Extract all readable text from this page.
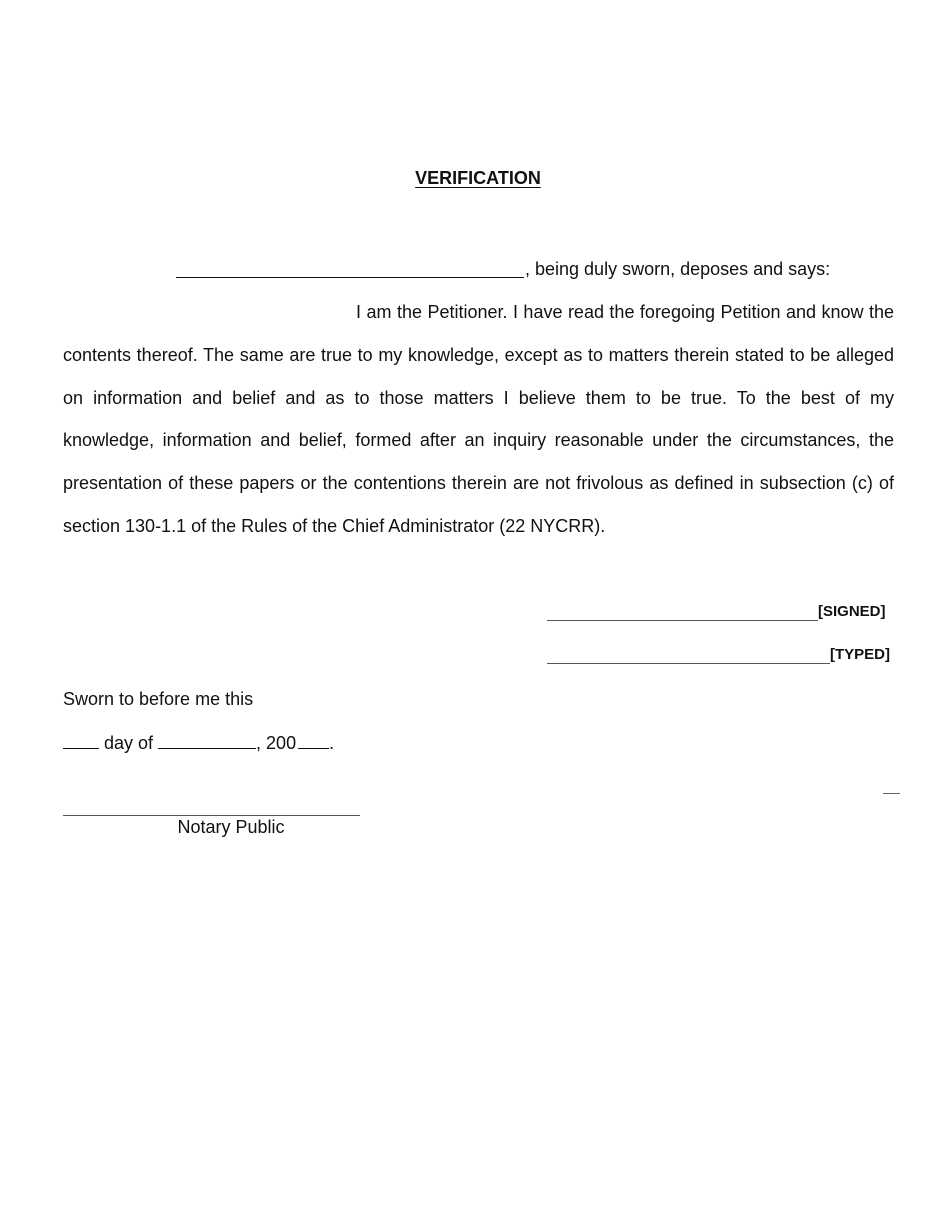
VERIFICATION
, being duly sworn, deposes and says:

I am the Petitioner. I have read the foregoing Petition and know the contents thereof. The same are true to my knowledge, except as to matters therein stated to be alleged on information and belief and as to those matters I believe them to be true. To the best of my knowledge, information and belief, formed after an inquiry reasonable under the circumstances, the presentation of these papers or the contentions therein are not frivolous as defined in subsection (c) of section 130-1.1 of the Rules of the Chief Administrator (22 NYCRR).

[SIGNED]
[TYPED]
Sworn to before me this
day of	, 200 .
Notary Public
